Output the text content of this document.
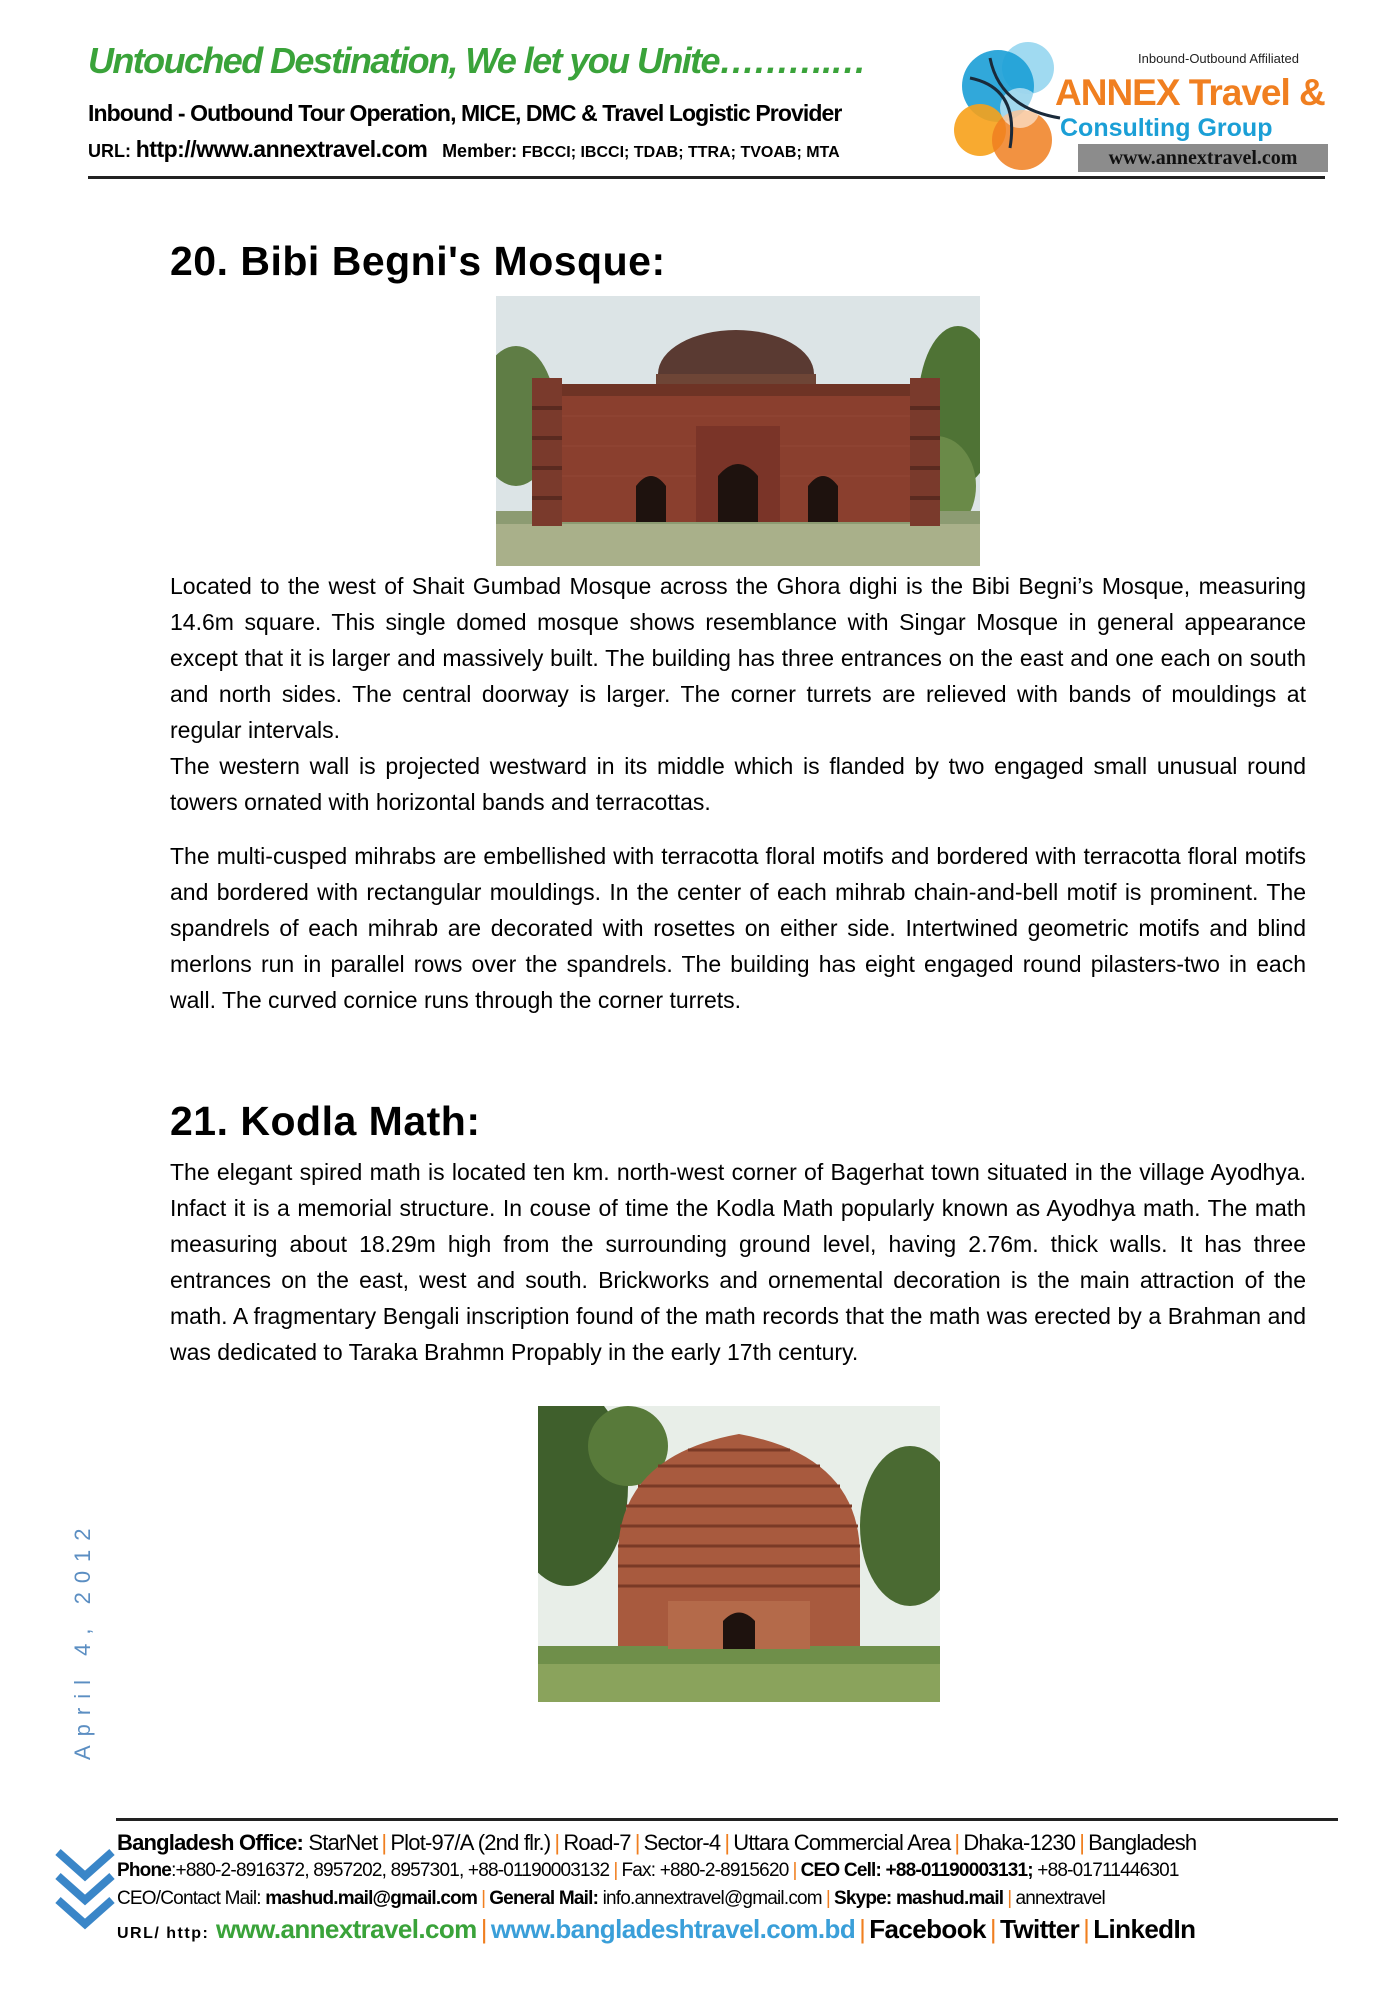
Untouched Destination, We let you Unite……….…
Inbound - Outbound Tour Operation, MICE, DMC & Travel Logistic Provider
URL: http://www.annextravel.com Member: FBCCI; IBCCI; TDAB; TTRA; TVOAB; MTA
Inbound-Outbound Affiliated
ANNEX Travel &
Consulting Group
www.annextravel.com
20. Bibi Begni's Mosque:

Located to the west of Shait Gumbad Mosque across the Ghora dighi is the Bibi Begni’s Mosque, measuring 14.6m square. This single domed mosque shows resemblance with Singar Mosque in general appearance except that it is larger and massively built. The building has three entrances on the east and one each on south and north sides. The central doorway is larger. The corner turrets are relieved with bands of mouldings at regular intervals.

The western wall is projected westward in its middle which is flanded by two engaged small unusual round towers ornated with horizontal bands and terracottas.

The multi-cusped mihrabs are embellished with terracotta floral motifs and bordered with terracotta floral motifs and bordered with rectangular mouldings. In the center of each mihrab chain-and-bell motif is prominent. The spandrels of each mihrab are decorated with rosettes on either side. Intertwined geometric motifs and blind merlons run in parallel rows over the spandrels. The building has eight engaged round pilasters-two in each wall. The curved cornice runs through the corner turrets.

21. Kodla Math:

The elegant spired math is located ten km. north-west corner of Bagerhat town situated in the village Ayodhya. Infact it is a memorial structure. In couse of time the Kodla Math popularly known as Ayodhya math. The math measuring about 18.29m high from the surrounding ground level, having 2.76m. thick walls. It has three entrances on the east, west and south. Brickworks and ornemental decoration is the main attraction of the math. A fragmentary Bengali inscription found of the math records that the math was erected by a Brahman and was dedicated to Taraka Brahmn Propably in the early 17th century.

April 4, 2012
Bangladesh Office: StarNet | Plot-97/A (2nd flr.) | Road-7 | Sector-4 | Uttara Commercial Area | Dhaka-1230 | Bangladesh
Phone:+880-2-8916372, 8957202, 8957301, +88-01190003132 | Fax: +880-2-8915620 | CEO Cell: +88-01190003131; +88-01711446301
CEO/Contact Mail: mashud.mail@gmail.com | General Mail: info.annextravel@gmail.com | Skype: mashud.mail | annextravel
URL/ http: www.annextravel.com | www.bangladeshtravel.com.bd | Facebook | Twitter | LinkedIn
